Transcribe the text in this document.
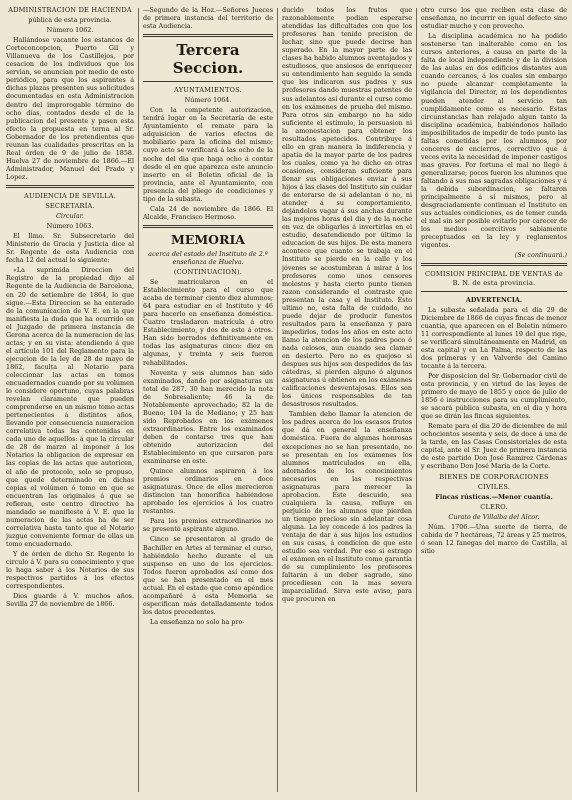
ADMINISTRACION DE HACIENDA

pública de esta provincia.

Número 1062.

Hallándose vacante los estancos de Corteconcepcion, Puerto Gil y Villanueva de los Castillejos, por cesacion de los individuos que los servian, se anuncian por medio de este periódico, para que los aspirantes á dichas plazas presenten sus solicitudes documentadas en esta Administracion dentro del improrogable término de ocho días, contados desde el de la publicacion del presente y pasen esta efecto la propuesta en terna al Sr. Gobernador de los pretendientes que reunan las cualidades prescritas en la Real órden de 9 de julio de 1858. Huelva 27 de noviembre de 1866.—El Administrador, Manuel del Prado y Lopez.

AUDIENCIA DE SEVILLA.

SECRETARÍA.

Circular.

Número 1063.

El Ilmo. Sr. Subsecretario del Ministerio de Gracia y Justicia dice al Sr. Regente de esta Audiencia con fecha 12 del actual lo siguiente:

«La suprimida Direccion del Registro de la propiedad dijo al Regente de la Audiencia de Barcelona, en 20 de setiembre de 1864, lo que sigue.—Esta Direccion se ha enterado de la comunicacion de V. E. en la que manifiesta la duda que ha ocurrido en el Juzgado de primera instancia de Gerona acerca de la numeracion de las actas; y en su vista: atendiendo á que el artículo 101 del Reglamento para la ejecucion de la ley de 28 de mayo de 1862, faculta al Notario para coleccionar las actas en tomos encuadernados cuando por su volúmen lo considere oportuno, cuyas palabras revelan claramente que pueden comprenderse en un mismo tomo actas pertenecientes á distintos años, llevando por consecuencia numeracion correlativa todas las contenidas en cada uno de aquellos: á que la circular de 28 de marzo al imponer á los Notarios la obligacion de expresar en las copias de las actas que autoricen, el año de protocolo, solo se propuso, que quede determinado en dichas copias el volúmen ó tomo en que se encuentran las originales á que se refieran, este centro directivo ha mandado se manifieste á V. E. que la numeracion de las actas ha de ser correlativa hasta tanto que el Notario juzgue conveniente formar de ellas un tomo encuadernado.

Y de órden de dicho Sr. Regente lo circulo á V. para su conocimiento y que lo haga saber á los Notarios de sus respectivos partidos á los efectos correspondientes.

Dios guarde á V. muchos años. Sevilla 27 de noviembre de 1866.

—Segundo de la Hoz.—Señores Jueces de primera instancia del territorio de esta Audiencia.

Tercera Seccion.

AYUNTAMIENTOS.

Número 1064.

Con la competente autorizacion, tendrá lugar en la Secretaría de este Ayuntamiento el remate para la adquisicion de varios efectos de mobiliario para la oficina del mismo; cuyo acto se verificará á las ocho de la noche del dia que haga ocho á contar desde el en que aparezca este anuncio inserto en el Boletin oficial de la provincia, ante el Ayuntamiento, con presencia del pliego de condiciones y tipo de la subasta.

Cala 24 de noviembre de 1866. El Alcalde, Francisco Hermoso.

MEMORIA

acerca del estado del Instituto de 2.ª enseñanza de Huelva.

(CONTINUACION).

Se matricularon en el Establecimiento para el curso que acaba de terminar ciento diez alumnos; 64 para estudiar en el Instituto y 46 para hacerlo en enseñanza doméstica. Cuatro trasladaron matrícula á otro Establecimiento, y dos de este á otros. Han sido borrados definitivamente en todas las asignaturas cinco: diez en algunas, y treinta y seis fueron rehabilitados.

Noventa y seis alumnos han sido examinados, dando por asignaturas un total de 287. 30 han merecido la nota de Sobresaliente; 46 la de Notablemente aprovechado; 82 la de Bueno; 104 la de Mediano; y 25 han sido Reprobados en los exámenes extraordinarios. Entre los examinados deben de contarse tres que han obtenido autorizacion del Establecimiento en que cursaron para examinarse en este.

Quince alumnos aspiraron á los premios ordinarios en doce asignaturas. Once de ellos merecieron distincion tan honorífica habiéndose aprobado los ejercicios á los cuatro restantes.

Para los premios extraordinarios no se presentó aspirante alguno.

Cinco se presentaron al grado de Bachiller en Artes al terminar el curso, habiéndolo hecho durante el un suspenso en uno de los ejercicios. Todos fueron aprobados así como dos que se han presentado en el mes actual. En el estado que como apéndice acompañaré á esta Memoria se especifican más detalladamente todos los datos precedentes.

La enseñanza no solo ha pro-

ducido todos los frutos que razonablemente podian esperarse atendidas las dificultades con que los profesores han tenido precision de luchar, sino que puede decirse han superado. En la mayor parte de las clases ha habido alumnos aventajados y estudiosos, que ansiosos de enriquecer su entendimiento han seguido la senda que les indicaron sus padres y sus profesores dando muestras patentes de sus adelantos así durante el curso como en los exámenes de prueba del mismo. Para otros sin embargo no ha sido suficiente el estímulo, la persuasion ni la amonestacion para obtener los resultados apetecidos. Contribuye á ello en gran manera la indiferencia y apatía de la mayor parte de los padres los cuales, como ya he dicho en otras ocasiones, consideran suficiente para llenar sus obligaciones enviar á sus hijos á las clases del Instituto sin cuidar de enterarse de si adelantan ó no, ni atender á su comportamiento, dejándolos vagar á sus anchas durante las mejores horas del dia y de la noche en vez de obligarles á invertirlas en el estudio, desatendiendo por último la educacion de sus hijos. De esta manera acontece que cuanto se trabaja en el Instituto se pierde en la calle y los jóvenes se acostumbran á mirar á los profesores como unos censores molestos y hasta cierto punto tienen razon considerando el contraste que presentan la casa y el Instituto. Esto ultimo no, esta falta de cuidado, no puede dejar de producir funestos resultados para la enseñanza y para impedirlos, todos los años en este acto llamo la atencion de los padres poco ó nada celosos, aun cuando sea clamar en desierto. Pero no es quejoso si despues sus hijos son despedidos de las cátedras, si pierden alguno ó algunos asignaturas ú obtienen en los exámenes calificaciones desventajosas. Ellos son los únicos responsables de tan desastrosos resultados.

Tambien debo llamar la atencion de los padres acerca de los escasos frutos que dá en general la enseñanza doméstica. Fuera de algunas honrosas excepciones no se han presentado, no se presentan en los exámenes los alumnos matriculados en ella, adornados de los conocimientos necesarios en las respectivas asignaturas para merecer la aprobacion. Este descuido, sea cualquiera la causa, refluye en perjuicio de los alumnos que pierden un tiempo precioso sin adelantar cosa alguna. La ley concede á los padres la ventaja de dar á sus hijos los estudios en sus casas, á condicion de que este estudio sea verdad. Por eso si estrago el exámen en el Instituto como garantía de su cumplimiento los profesores faltarán á un deber sagrado, sino procediesen con la mas severa imparcialidad. Sirva este aviso, para que procuren en

otro curso los que reciben esta clase de enseñanza, no incurrir en igual defecto sino estudiar mucho y con provecho.

La disciplina académica no ha podido sostenerse tan inalterable como en los cursos anteriores, á causa en parte de la falta de local independiente y de la division de las aulas en dos edificios distantes aun cuando cercanos, á los cuales sin embargo no puede alcanzar completamente la vigilancia del Director, ni los dependientes pueden atender al servicio tan cumplidamente como es necesario. Estas circunstancias han relajado algun tanto la disciplina académica, habiéndonos hallado imposibilitados de impedir de todo punto las faltas cometidas por los alumnos, por conceres de encierros, correctivo que á veces evita la necesidad de imponer castigos mas graves. Por fortuna el mal no llegó á generalizarse; pocos fueron los alumnos que faltando á sus mas sagradas obligaciones y á la debida subordinacion, se faltaron principalmente á sí mismos, pero al desgraciadamente continuan el Instituto en sus actuales condiciones, es de temer cunda el mal sin ser posible evitarlo por carecer de los medios coercitivos sabiamente preceptuados en la ley y reglamentos vigentes.

(Se continuará.)

COMISION PRINCIPAL DE VENTAS de B. N. de esta provincia.

ADVERTENCIA.

La subasta señalada para el dia 29 de Diciembre de 1866 de cuyas fincas de menor cuantía, que aparecen en el Boletin número 11 correspondiente al lunes 19 del que rige, se verificará simultáneamente en Madrid, en esta capital y en La Palma, respecto de las dos primeras y en Valverde del Camino tocante á la tercera.

Por disposicion del Sr. Gobernador civil de esta provincia, y en virtud de las leyes de primero de mayo de 1855 y once de julio de 1856 é instrucciones para su cumplimiento, se sacará pública subasta, en el dia y hora que se dirán las fincas siguientes.

Remate para el dia 20 de diciembre de mil ochocientos sesenta y seis, de doce á una de la tarde, en las Casas Consistoriales de esta capital, ante el Sr. Juez de primera instancia de este partido Don José Ramirez Cárdenas y escribano Don José María de la Corte.

BIENES DE CORPORACIONES

CIVILES.

Fincas rústicas.—Menor cuantía.

CLERO.

Curato de Villalba del Alcor.

Núm. 1706.—Una suerte de tierra, de cabida de 7 hectáreas, 72 áreas y 25 metros, ó sean 12 fanegas del marco de Castilla, al sitio
